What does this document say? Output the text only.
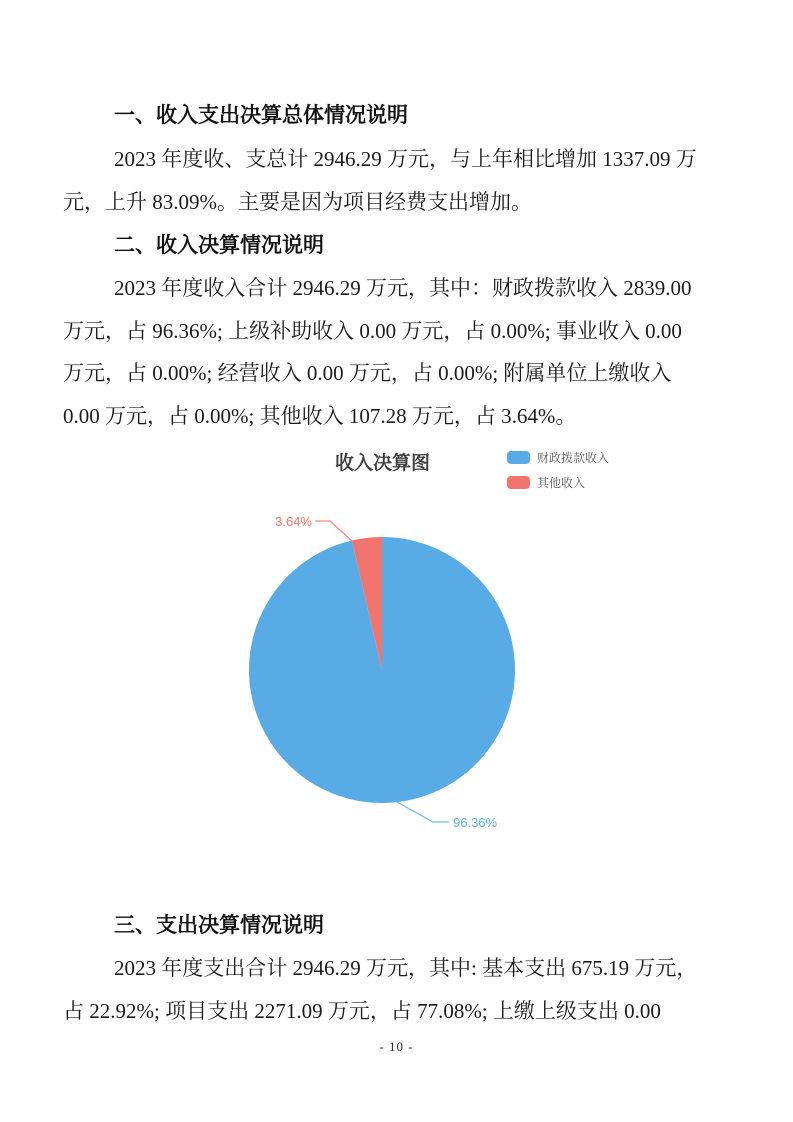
一、收入支出决算总体情况说明
2023 年度收、支总计 2946.29 万元，与上年相比增加 1337.09 万
元，上升 83.09%。主要是因为项目经费支出增加。
二、收入决算情况说明
2023 年度收入合计 2946.29 万元，其中：财政拨款收入 2839.00
万元，占 96.36%; 上级补助收入 0.00 万元，占 0.00%; 事业收入 0.00
万元，占 0.00%; 经营收入 0.00 万元，占 0.00%; 附属单位上缴收入
0.00 万元，占 0.00%; 其他收入 107.28 万元，占 3.64%。
收入决算图	财政拨款收入
其他收入
3.64%
96.36%
三、支出决算情况说明
2023 年度支出合计 2946.29 万元，其中: 基本支出 675.19 万元，
占 22.92%; 项目支出 2271.09 万元，占 77.08%; 上缴上级支出 0.00
- 10 -
